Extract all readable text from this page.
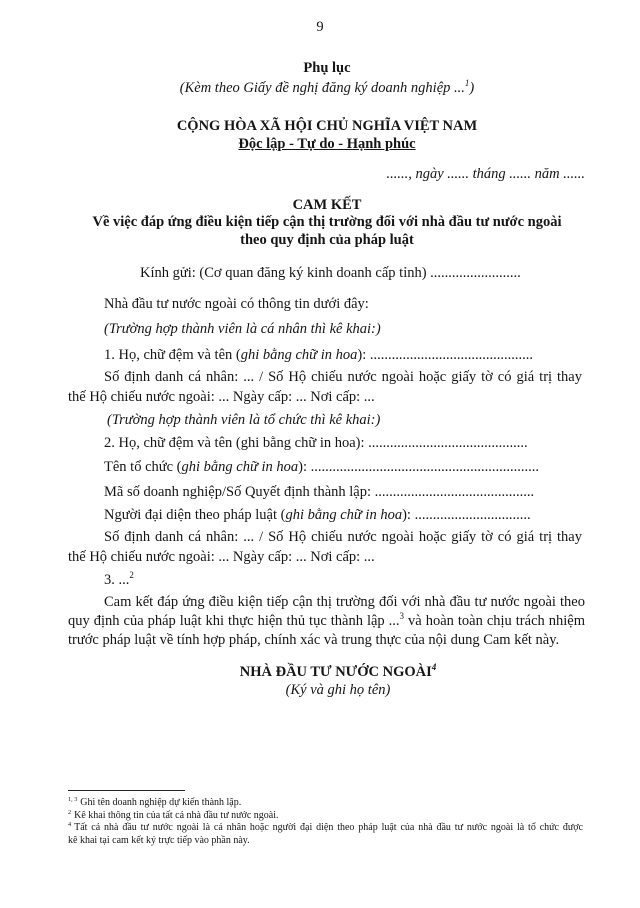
9
Phụ lục
(Kèm theo Giấy đề nghị đăng ký doanh nghiệp ...$^1$)
CỘNG HÒA XÃ HỘI CHỦ NGHĨA VIỆT NAM
Độc lập - Tự do - Hạnh phúc
......, ngày ...... tháng ...... năm ......
CAM KẾT
Về việc đáp ứng điều kiện tiếp cận thị trường đối với nhà đầu tư nước ngoài
theo quy định của pháp luật
Kính gửi: (Cơ quan đăng ký kinh doanh cấp tỉnh) .........................
Nhà đầu tư nước ngoài có thông tin dưới đây:
(Trường hợp thành viên là cá nhân thì kê khai:)
1. Họ, chữ đệm và tên (ghi bằng chữ in hoa): .............................................
Số định danh cá nhân: ... / Số Hộ chiếu nước ngoài hoặc giấy tờ có giá trị thay
thế Hộ chiếu nước ngoài: ... Ngày cấp: ... Nơi cấp: ...
(Trường hợp thành viên là tổ chức thì kê khai:)
2. Họ, chữ đệm và tên (ghi bằng chữ in hoa): ............................................
Tên tổ chức (ghi bằng chữ in hoa): ...............................................................
Mã số doanh nghiệp/Số Quyết định thành lập: ............................................
Người đại diện theo pháp luật (ghi bằng chữ in hoa): ................................
Số định danh cá nhân: ... / Số Hộ chiếu nước ngoài hoặc giấy tờ có giá trị thay
thế Hộ chiếu nước ngoài: ... Ngày cấp: ... Nơi cấp: ...
3. ...$^2$
Cam kết đáp ứng điều kiện tiếp cận thị trường đối với nhà đầu tư nước ngoài theo
quy định của pháp luật khi thực hiện thủ tục thành lập ...$^3$ và hoàn toàn chịu trách nhiệm
trước pháp luật về tính hợp pháp, chính xác và trung thực của nội dung Cam kết này.
NHÀ ĐẦU TƯ NƯỚC NGOÀI$^4$
(Ký và ghi họ tên)
$^{1, 3}$ Ghi tên doanh nghiệp dự kiến thành lập.
$^2$ Kê khai thông tin của tất cả nhà đầu tư nước ngoài.
$^4$ Tất cả nhà đầu tư nước ngoài là cá nhân hoặc người đại diện theo pháp luật của nhà đầu tư nước ngoài là tổ chức được
kê khai tại cam kết ký trực tiếp vào phần này.
